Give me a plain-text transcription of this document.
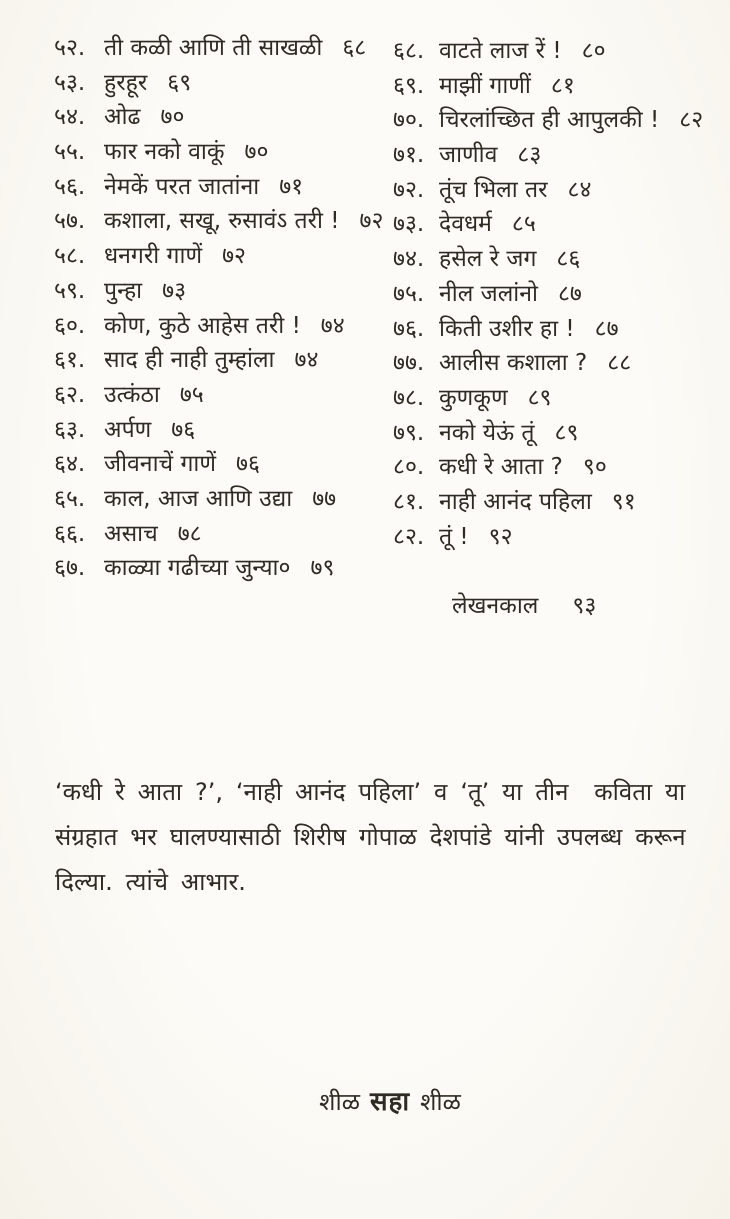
५२. ती कळी आणि ती साखळी ६८
५३. हुरहूर ६९
५४. ओढ ७०
५५. फार नको वाकूं ७०
५६. नेमकें परत जातांना ७१
५७. कशाला, सखू, रुसावंऽ तरी ! ७२
५८. धनगरी गाणें ७२
५९. पुन्हा ७३
६०. कोण, कुठे आहेस तरी ! ७४
६१. साद ही नाही तुम्हांला ७४
६२. उत्कंठा ७५
६३. अर्पण ७६
६४. जीवनाचें गाणें ७६
६५. काल, आज आणि उद्या ७७
६६. असाच ७८
६७. काळ्या गढीच्या जुन्या० ७९
६८. वाटते लाज रें ! ८०
६९. माझीं गाणीं ८१
७०. चिरलांच्छित ही आपुलकी ! ८२
७१. जाणीव ८३
७२. तूंच भिला तर ८४
७३. देवधर्म ८५
७४. हसेल रे जग ८६
७५. नील जलांनो ८७
७६. किती उशीर हा ! ८७
७७. आलीस कशाला ? ८८
७८. कुणकूण ८९
७९. नको येऊं तूं ८९
८०. कधी रे आता ? ९०
८१. नाही आनंद पहिला ९१
८२. तूं ! ९२
लेखनकाल ९३
‘कधी रे आता ?’, ‘नाही आनंद पहिला’ व ‘तू’ या तीन  कविता या
संग्रहात भर घालण्यासाठी शिरीष गोपाळ देशपांडे यांनी उपलब्ध करून
दिल्या. त्यांचे आभार.
शीळ सहा शीळ
